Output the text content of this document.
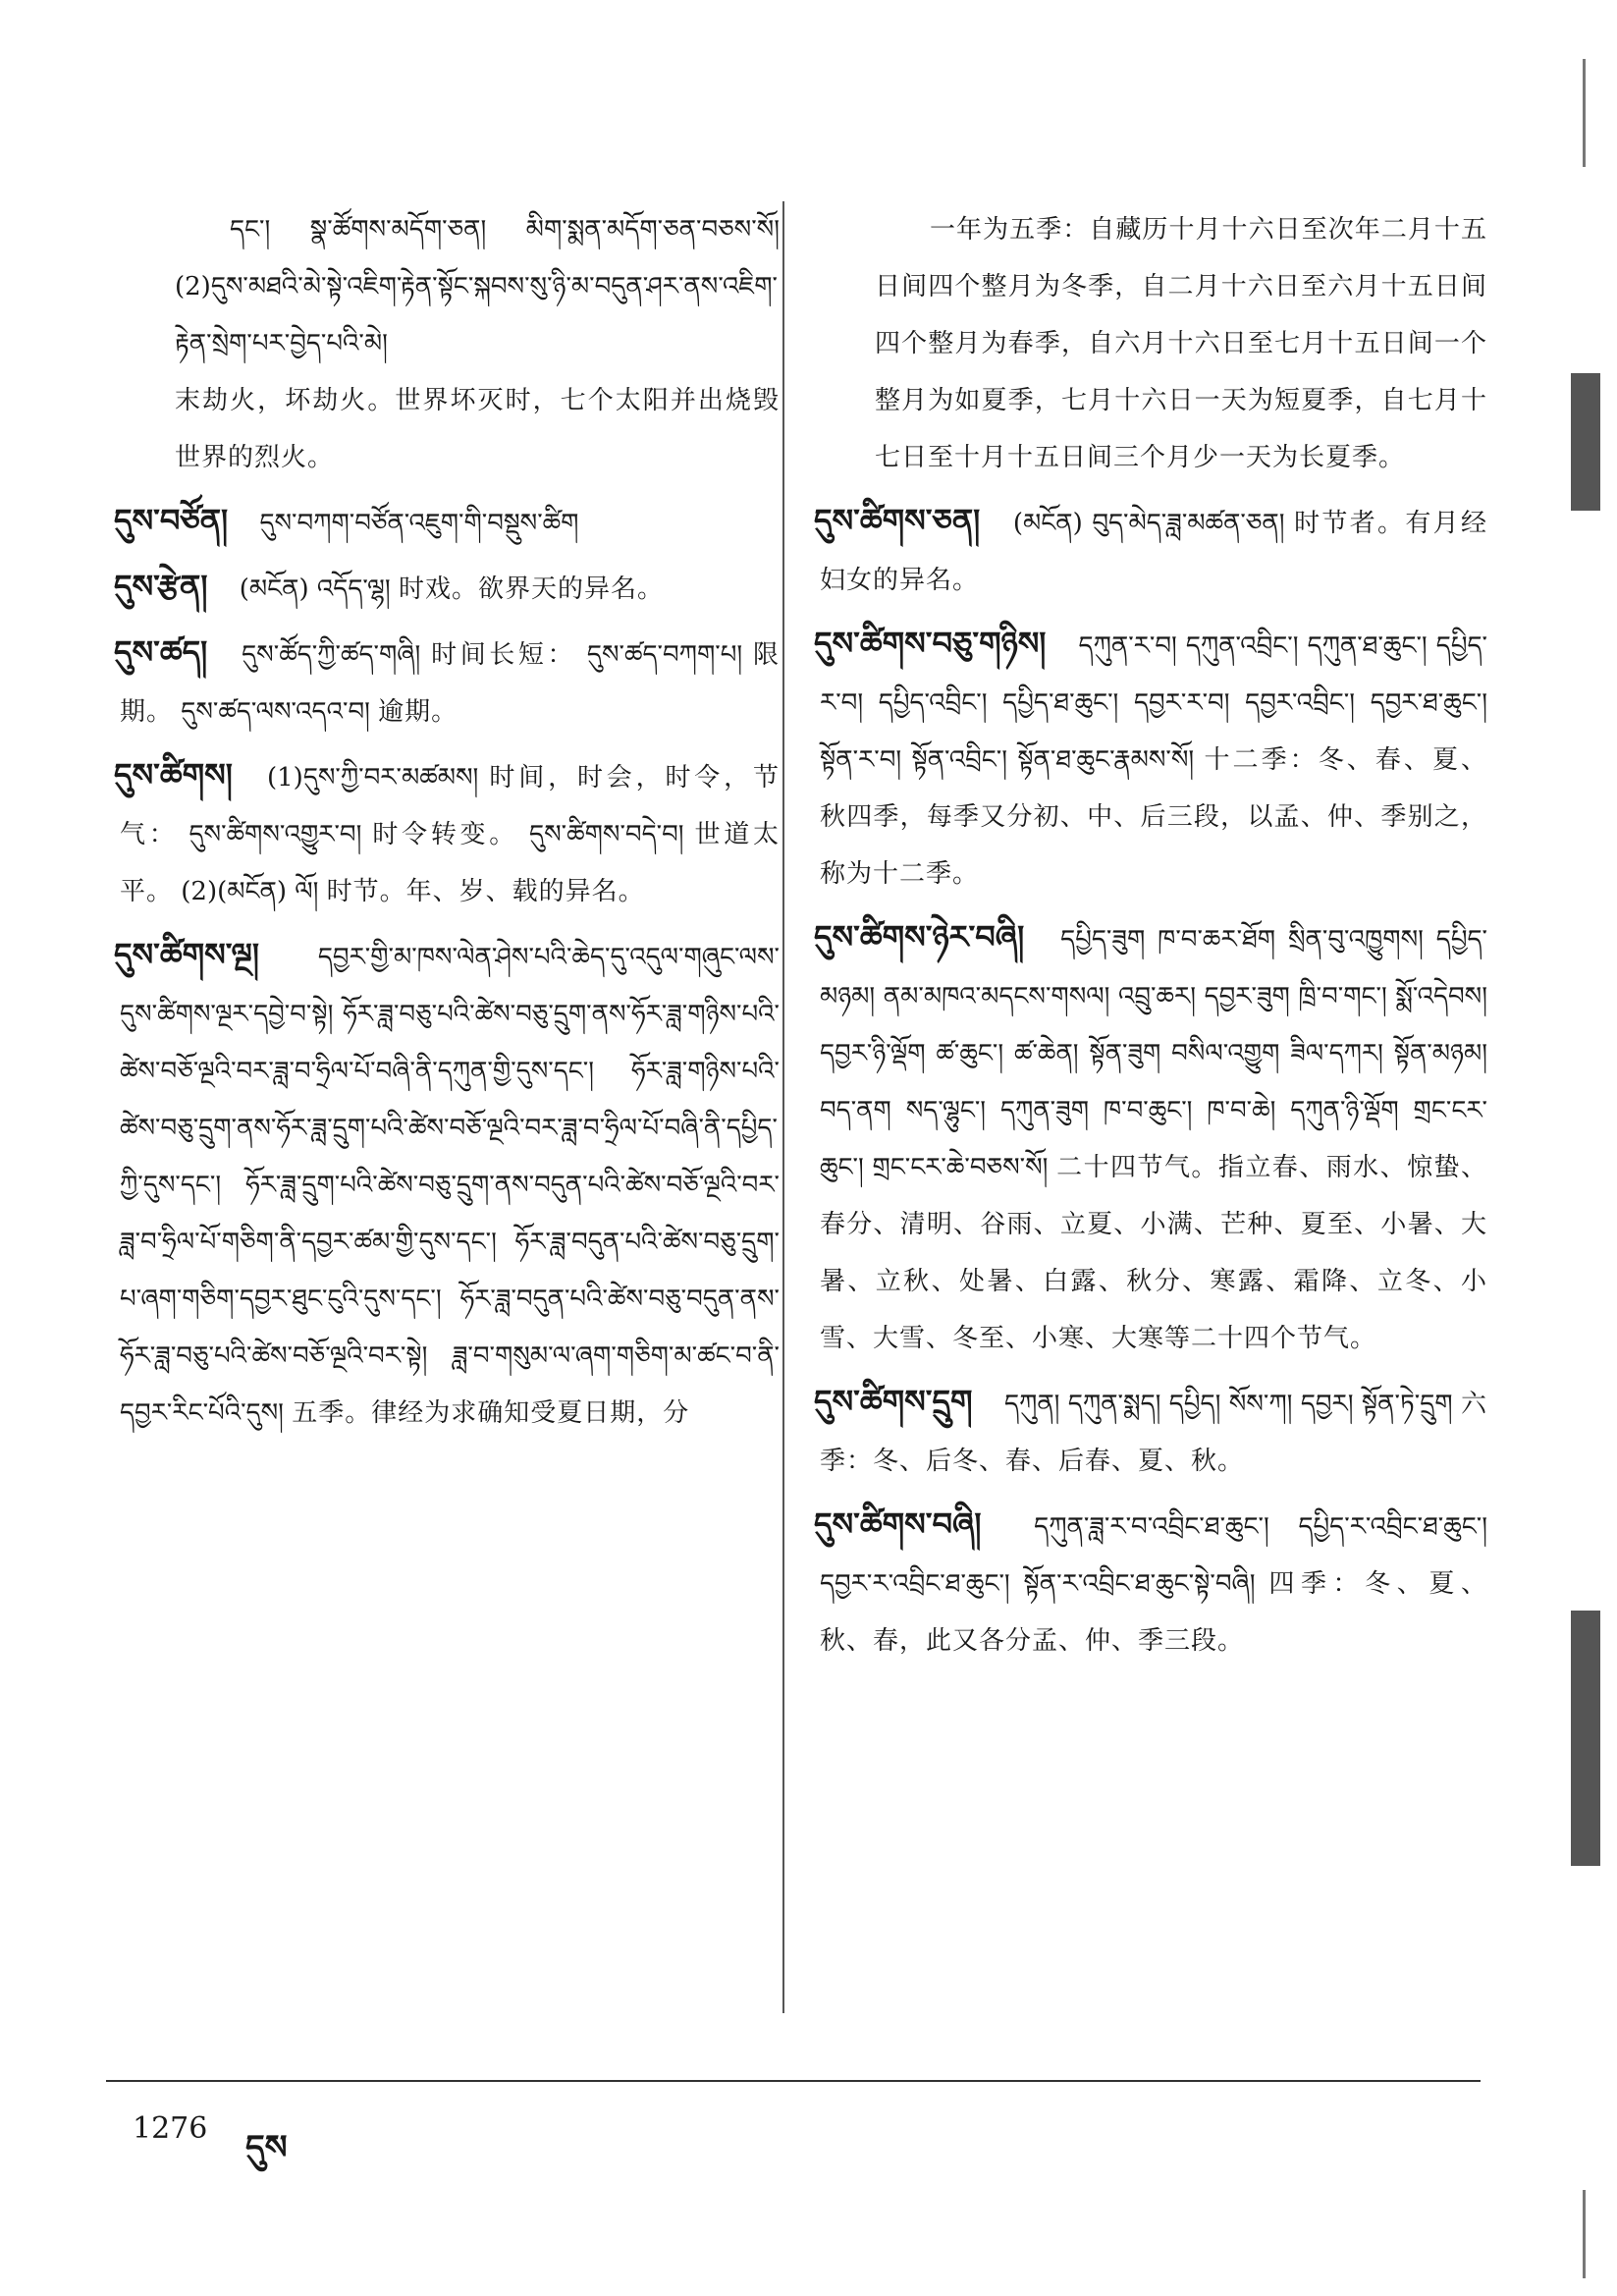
དང་། སྣ་ཚོགས་མདོག་ཅན། མིག་སྨན་མདོག་ཅན་བཅས་སོ། (2)དུས་མཐའི་མེ་སྟེ་འཇིག་རྟེན་སྟོང་སྐབས་སུ་ཉི་མ་བདུན་ཤར་ནས་འཇིག་རྟེན་སྲེག་པར་བྱེད་པའི་མེ།
末劫火，坏劫火。世界坏灭时，七个太阳并出烧毁世界的烈火。
དུས་བཙོན། དུས་བཀག་བཙོན་འཇུག་གི་བསྡུས་ཚིག
དུས་རྩེན། (མངོན) འདོད་ལྷ། 时戏。欲界天的异名。
དུས་ཚད། དུས་ཚོད་ཀྱི་ཚད་གཞི། 时间长短： དུས་ཚད་བཀག་པ། 限期。 དུས་ཚད་ལས་འདའ་བ། 逾期。
དུས་ཚིགས། (1)དུས་ཀྱི་བར་མཚམས། 时间，时会，时令，节气： དུས་ཚིགས་འགྱུར་བ། 时令转变。 དུས་ཚིགས་བདེ་བ། 世道太平。 (2)(མངོན) ལོ། 时节。年、岁、载的异名。
དུས་ཚིགས་ལྔ། དབྱར་གྱི་མ་ཁས་ལེན་ཤེས་པའི་ཆེད་དུ་འདུལ་གཞུང་ལས་དུས་ཚིགས་ལྔར་དབྱེ་བ་སྟེ། ཧོར་ཟླ་བཅུ་པའི་ཚེས་བཅུ་དྲུག་ནས་ཧོར་ཟླ་གཉིས་པའི་ཚེས་བཅོ་ལྔའི་བར་ཟླ་བ་ཧྲིལ་པོ་བཞི་ནི་དཀུན་གྱི་དུས་དང་། ཧོར་ཟླ་གཉིས་པའི་ཚེས་བཅུ་དྲུག་ནས་ཧོར་ཟླ་དྲུག་པའི་ཚེས་བཅོ་ལྔའི་བར་ཟླ་བ་ཧྲིལ་པོ་བཞི་ནི་དཔྱིད་ཀྱི་དུས་དང་། ཧོར་ཟླ་དྲུག་པའི་ཚེས་བཅུ་དྲུག་ནས་བདུན་པའི་ཚེས་བཅོ་ལྔའི་བར་ཟླ་བ་ཧྲིལ་པོ་གཅིག་ནི་དབྱར་ཚམ་གྱི་དུས་དང་། ཧོར་ཟླ་བདུན་པའི་ཚེས་བཅུ་དྲུག་པ་ཞག་གཅིག་དབྱར་ཐུང་ངུའི་དུས་དང་། ཧོར་ཟླ་བདུན་པའི་ཚེས་བཅུ་བདུན་ནས་ཧོར་ཟླ་བཅུ་པའི་ཚེས་བཅོ་ལྔའི་བར་སྟེ། ཟླ་བ་གསུམ་ལ་ཞག་གཅིག་མ་ཚང་བ་ནི་དབྱར་རིང་པོའི་དུས། 五季。律经为求确知受夏日期，分
一年为五季：自藏历十月十六日至次年二月十五日间四个整月为冬季，自二月十六日至六月十五日间四个整月为春季，自六月十六日至七月十五日间一个整月为如夏季，七月十六日一天为短夏季，自七月十七日至十月十五日间三个月少一天为长夏季。
དུས་ཚིགས་ཅན། (མངོན) བུད་མེད་ཟླ་མཚན་ཅན། 时节者。有月经妇女的异名。
དུས་ཚིགས་བཅུ་གཉིས། དཀུན་ར་བ། དཀུན་འབྲིང་། དཀུན་ཐ་ཆུང་། དཔྱིད་ར་བ། དཔྱིད་འབྲིང་། དཔྱིད་ཐ་ཆུང་། དབྱར་ར་བ། དབྱར་འབྲིང་། དབྱར་ཐ་ཆུང་། སྟོན་ར་བ། སྟོན་འབྲིང་། སྟོན་ཐ་ཆུང་རྣམས་སོ། 十二季：冬、春、夏、秋四季，每季又分初、中、后三段，以孟、仲、季别之，称为十二季。
དུས་ཚིགས་ཉེར་བཞི། དཔྱིད་ཟུག ཁ་བ་ཆར་ཐོག སྲིན་བུ་འཁྱུགས། དཔྱིད་མཉམ། ནམ་མཁའ་མདངས་གསལ། འབྲུ་ཆར། དབྱར་ཟུག ཁྲི་བ་གང་། སྨོ་འདེབས། དབྱར་ཉི་ལྡོག ཚ་ཆུང་། ཚ་ཆེན། སྟོན་ཟུག བསིལ་འགྱུག ཟིལ་དཀར། སྟོན་མཉམ། བད་ནག སད་ལྷུང་། དཀུན་ཟུག ཁ་བ་ཆུང་། ཁ་བ་ཆེ། དཀུན་ཉི་ལྡོག གྲང་ངར་ཆུང་། གྲང་ངར་ཆེ་བཅས་སོ། 二十四节气。指立春、雨水、惊蛰、春分、清明、谷雨、立夏、小满、芒种、夏至、小暑、大暑、立秋、处暑、白露、秋分、寒露、霜降、立冬、小雪、大雪、冬至、小寒、大寒等二十四个节气。
དུས་ཚིགས་དྲུག དཀུན། དཀུན་སྨད། དཔྱིད། སོས་ཀ། དབྱར། སྟོན་ཏེ་དྲུག 六季：冬、后冬、春、后春、夏、秋。
དུས་ཚིགས་བཞི། དཀུན་ཟླ་ར་བ་འབྲིང་ཐ་ཆུང་། དཔྱིད་ར་འབྲིང་ཐ་ཆུང་། དབྱར་ར་འབྲིང་ཐ་ཆུང་། སྟོན་ར་འབྲིང་ཐ་ཆུང་སྟེ་བཞི། 四季：冬、夏、秋、春，此又各分孟、仲、季三段。
1276 དུས
